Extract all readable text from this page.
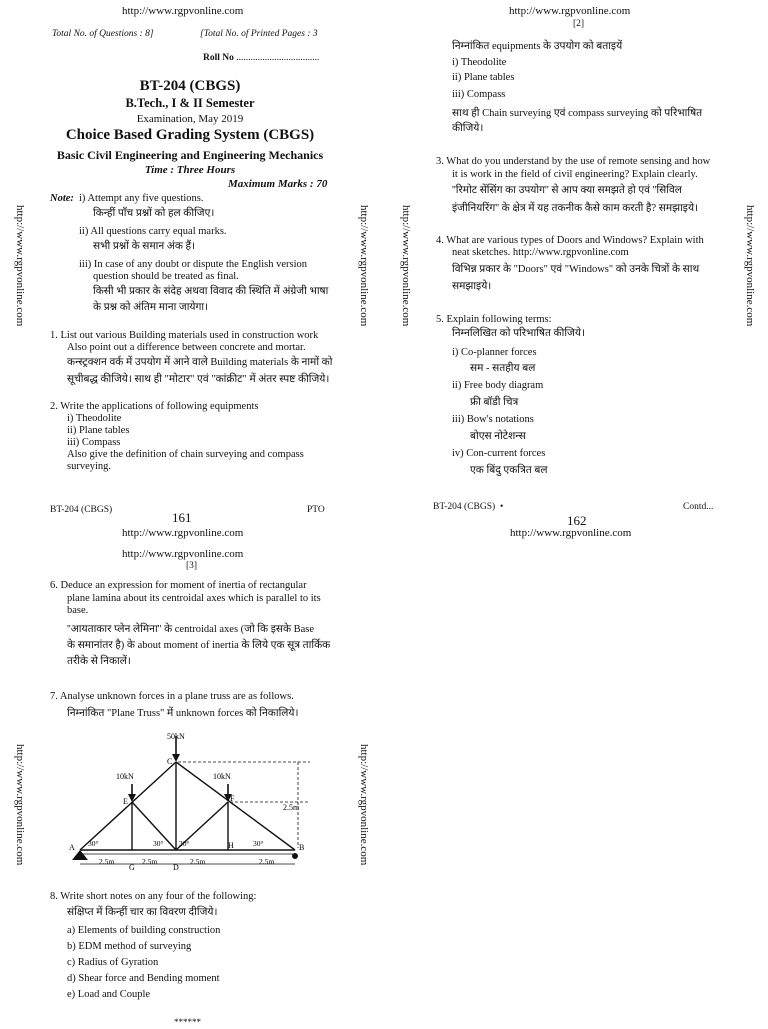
http://www.rgpvonline.com	http://www.rgpvonline.com
http://www.rgpvonline.com	http://www.rgpvonline.com	http://www.rgpvonline.com	http://www.rgpvonline.com
http://www.rgpvonline.com	http://www.rgpvonline.com
Total No. of Questions : 8]	[Total No. of Printed Pages : 3
Roll No ...................................
BT-204 (CBGS)
B.Tech., I & II Semester
Examination, May 2019
Choice Based Grading System (CBGS)
Basic Civil Engineering and Engineering Mechanics
Time : Three Hours
Maximum Marks : 70
Note: i) Attempt any five questions.
किन्हीं पाँच प्रश्नों को हल कीजिए।
ii) All questions carry equal marks.
सभी प्रश्नों के समान अंक हैं।
iii) In case of any doubt or dispute the English version
question should be treated as final.
किसी भी प्रकार के संदेह अथवा विवाद की स्थिति में अंग्रेजी भाषा
के प्रश्न को अंतिम माना जायेगा।
1. List out various Building materials used in construction work
Also point out a difference between concrete and mortar.
कन्स्ट्रक्शन वर्क में उपयोग में आने वाले Building materials के नामों को
सूचीबद्ध कीजिये। साथ ही "मोटार" एवं "कांक्रीट" में अंतर स्पष्ट कीजिये।
2. Write the applications of following equipments
i) Theodolite
ii) Plane tables
iii) Compass
Also give the definition of chain surveying and compass
surveying.
BT-204 (CBGS)	PTO
161
http://www.rgpvonline.com
[2]
निम्नांकित equipments के उपयोग को बताइयें
i) Theodolite
ii) Plane tables
iii) Compass
साथ ही Chain surveying एवं compass surveying को परिभाषित
कीजिये।
3. What do you understand by the use of remote sensing and how
it is work in the field of civil engineering? Explain clearly.
''रिमोट सेंसिंग का उपयोग'' से आप क्या समझते हो एवं ''सिविल
इंजीनियरिंग'' के क्षेत्र में यह तकनीक कैसे काम करती है? समझाइये।
4. What are various types of Doors and Windows? Explain with
neat sketches. http://www.rgpvonline.com
विभिन्न प्रकार के "Doors" एवं "Windows" को उनके चित्रों के साथ
समझाइये।
5. Explain following terms:
निम्नलिखित को परिभाषित कीजिये।
i) Co-planner forces
सम - सतहीय बल
ii) Free body diagram
फ्री बॉडी चित्र
iii) Bow's notations
बोएस नोटेशन्स
iv) Con-current forces
एक बिंदु एकत्रित बल
BT-204 (CBGS)  •	Contd...
162
http://www.rgpvonline.com
http://www.rgpvonline.com
[3]
6. Deduce an expression for moment of inertia of rectangular
plane lamina about its centroidal axes which is parallel to its
base.
''आयताकार प्लेन लेमिना'' के centroidal axes (जो कि इसके Base
के समानांतर है) के about moment of inertia के लिये एक सूत्र तार्किक
तरीके से निकालें।
7. Analyse unknown forces in a plane truss are as follows.
निम्नांकित "Plane Truss" में unknown forces को निकालिये।
50kN
10kN	10kN
2.5m
C
E	F
A	B
H
G	D
30°	30° 30°	30°
2.5m	2.5m	2.5m	2.5m
8. Write short notes on any four of the following:
संक्षिप्त में किन्हीं चार का विवरण दीजिये।
a) Elements of building construction
b) EDM method of surveying
c) Radius of Gyration
d) Shear force and Bending moment
e) Load and Couple
******
